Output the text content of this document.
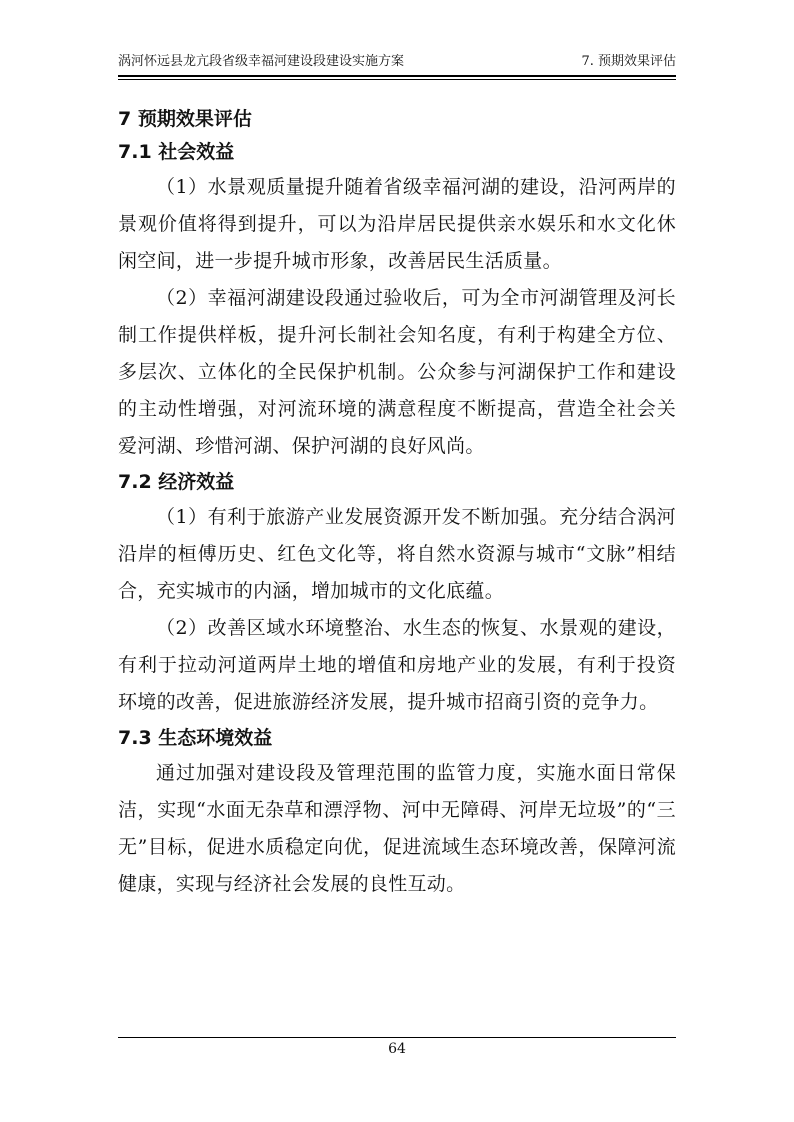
涡河怀远县龙亢段省级幸福河建设段建设实施方案	7. 预期效果评估
7 预期效果评估
7.1 社会效益

（1）水景观质量提升随着省级幸福河湖的建设，沿河两岸的景观价值将得到提升，可以为沿岸居民提供亲水娱乐和水文化休闲空间，进一步提升城市形象，改善居民生活质量。

（2）幸福河湖建设段通过验收后，可为全市河湖管理及河长制工作提供样板，提升河长制社会知名度，有利于构建全方位、多层次、立体化的全民保护机制。公众参与河湖保护工作和建设的主动性增强，对河流环境的满意程度不断提高，营造全社会关爱河湖、珍惜河湖、保护河湖的良好风尚。

7.2 经济效益

（1）有利于旅游产业发展资源开发不断加强。充分结合涡河沿岸的桓傅历史、红色文化等，将自然水资源与城市“文脉”相结合，充实城市的内涵，增加城市的文化底蕴。

（2）改善区域水环境整治、水生态的恢复、水景观的建设，有利于拉动河道两岸土地的增值和房地产业的发展，有利于投资环境的改善，促进旅游经济发展，提升城市招商引资的竞争力。

7.3 生态环境效益

通过加强对建设段及管理范围的监管力度，实施水面日常保洁，实现“水面无杂草和漂浮物、河中无障碍、河岸无垃圾”的“三无”目标，促进水质稳定向优，促进流域生态环境改善，保障河流健康，实现与经济社会发展的良性互动。

64
